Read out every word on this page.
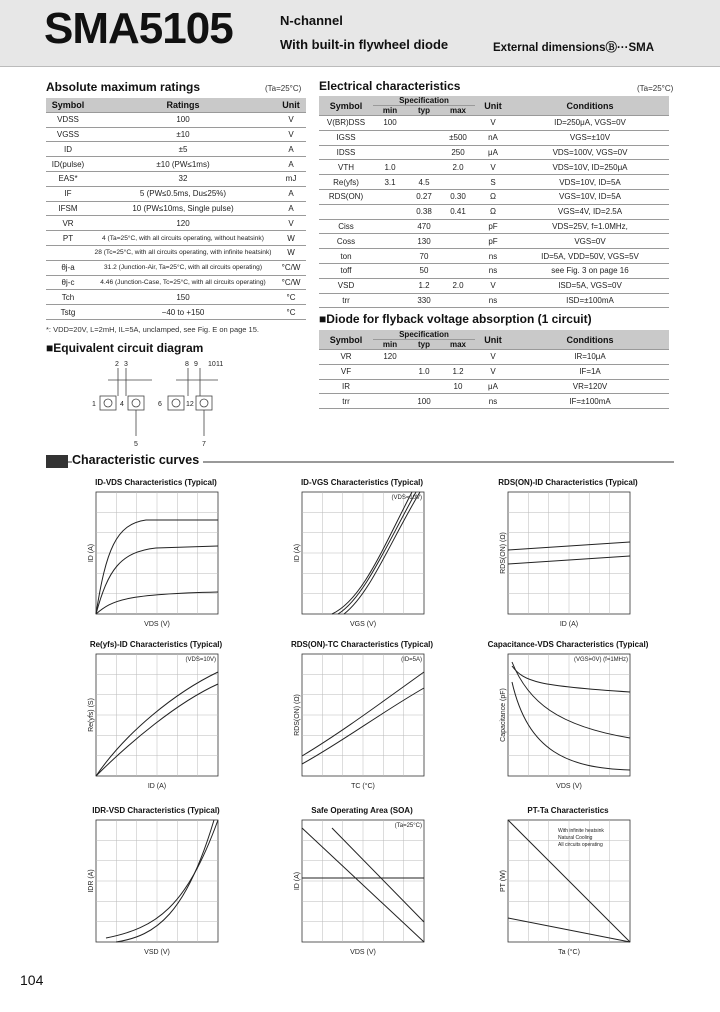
SMA5105	N-channel
With built-in flywheel diode	External dimensionsⒷ···SMA
Absolute maximum ratings	(Ta=25°C)
Symbol	Ratings	Unit
VDSS	100	V
VGSS	±10	V
ID	±5	A
ID(pulse)	±10 (PW≤1ms)	A
EAS*	32	mJ
IF	5 (PW≤0.5ms, Du≤25%)	A
IFSM	10 (PW≤10ms, Single pulse)	A
VR	120	V
PT	4 (Ta=25°C, with all circuits operating, without heatsink)	W
	28 (Tc=25°C, with all circuits operating, with infinite heatsink)	W
θj-a	31.2 (Junction-Air, Ta=25°C, with all circuits operating)	°C/W
θj-c	4.46 (Junction-Case, Tc=25°C, with all circuits operating)	°C/W
Tch	150	°C
Tstg	−40 to +150	°C
*: VDD=20V, L=2mH, IL=5A, unclamped, see Fig. E on page 15.
■Equivalent circuit diagram
2 3	8 9 10 11
1	4	6	12
5	7
Electrical characteristics	(Ta=25°C)
Symbol	Specification			Unit	Conditions
	min	typ	max		
V(BR)DSS	100			V	ID=250μA, VGS=0V
IGSS			±500	nA	VGS=±10V
IDSS			250	μA	VDS=100V, VGS=0V
VTH	1.0		2.0	V	VDS=10V, ID=250μA
Re(yfs)	3.1	4.5		S	VDS=10V, ID=5A
RDS(ON)		0.27	0.30	Ω	VGS=10V, ID=5A
		0.38	0.41	Ω	VGS=4V, ID=2.5A
Ciss		470		pF	VDS=25V, f=1.0MHz,
Coss		130		pF	VGS=0V
ton		70		ns	ID=5A, VDD=50V, VGS=5V
toff		50		ns	see Fig. 3 on page 16
VSD		1.2	2.0	V	ISD=5A, VGS=0V
trr		330		ns	ISD=±100mA
■Diode for flyback voltage absorption (1 circuit)
Symbol	Specification			Unit	Conditions
	min	typ	max		
VR	120			V	IR=10μA
VF		1.0	1.2	V	IF=1A
IR			10	μA	VR=120V
trr		100		ns	IF=±100mA
Characteristic curves
ID-VDS Characteristics (Typical)
VDS (V)
ID (A)
ID-VGS Characteristics (Typical)
VGS (V)
ID (A)
(VDS=10V)
RDS(ON)-ID Characteristics (Typical)
ID (A)
RDS(ON) (Ω)
Re(yfs)-ID Characteristics (Typical)
ID (A)
Re(yfs) (S)
(VDS=10V)
RDS(ON)-TC Characteristics (Typical)
TC (°C)
RDS(ON) (Ω)
(ID=5A)
Capacitance-VDS Characteristics (Typical)
VDS (V)
Capacitance (pF)
(VGS=0V) (f=1MHz)
IDR-VSD Characteristics (Typical)
VSD (V)
IDR (A)
Safe Operating Area (SOA)
VDS (V)
ID (A)
(Ta=25°C)
PT-Ta Characteristics
Ta (°C)
PT (W)
With infinite heatsink
Natural Cooling
All circuits operating
104
